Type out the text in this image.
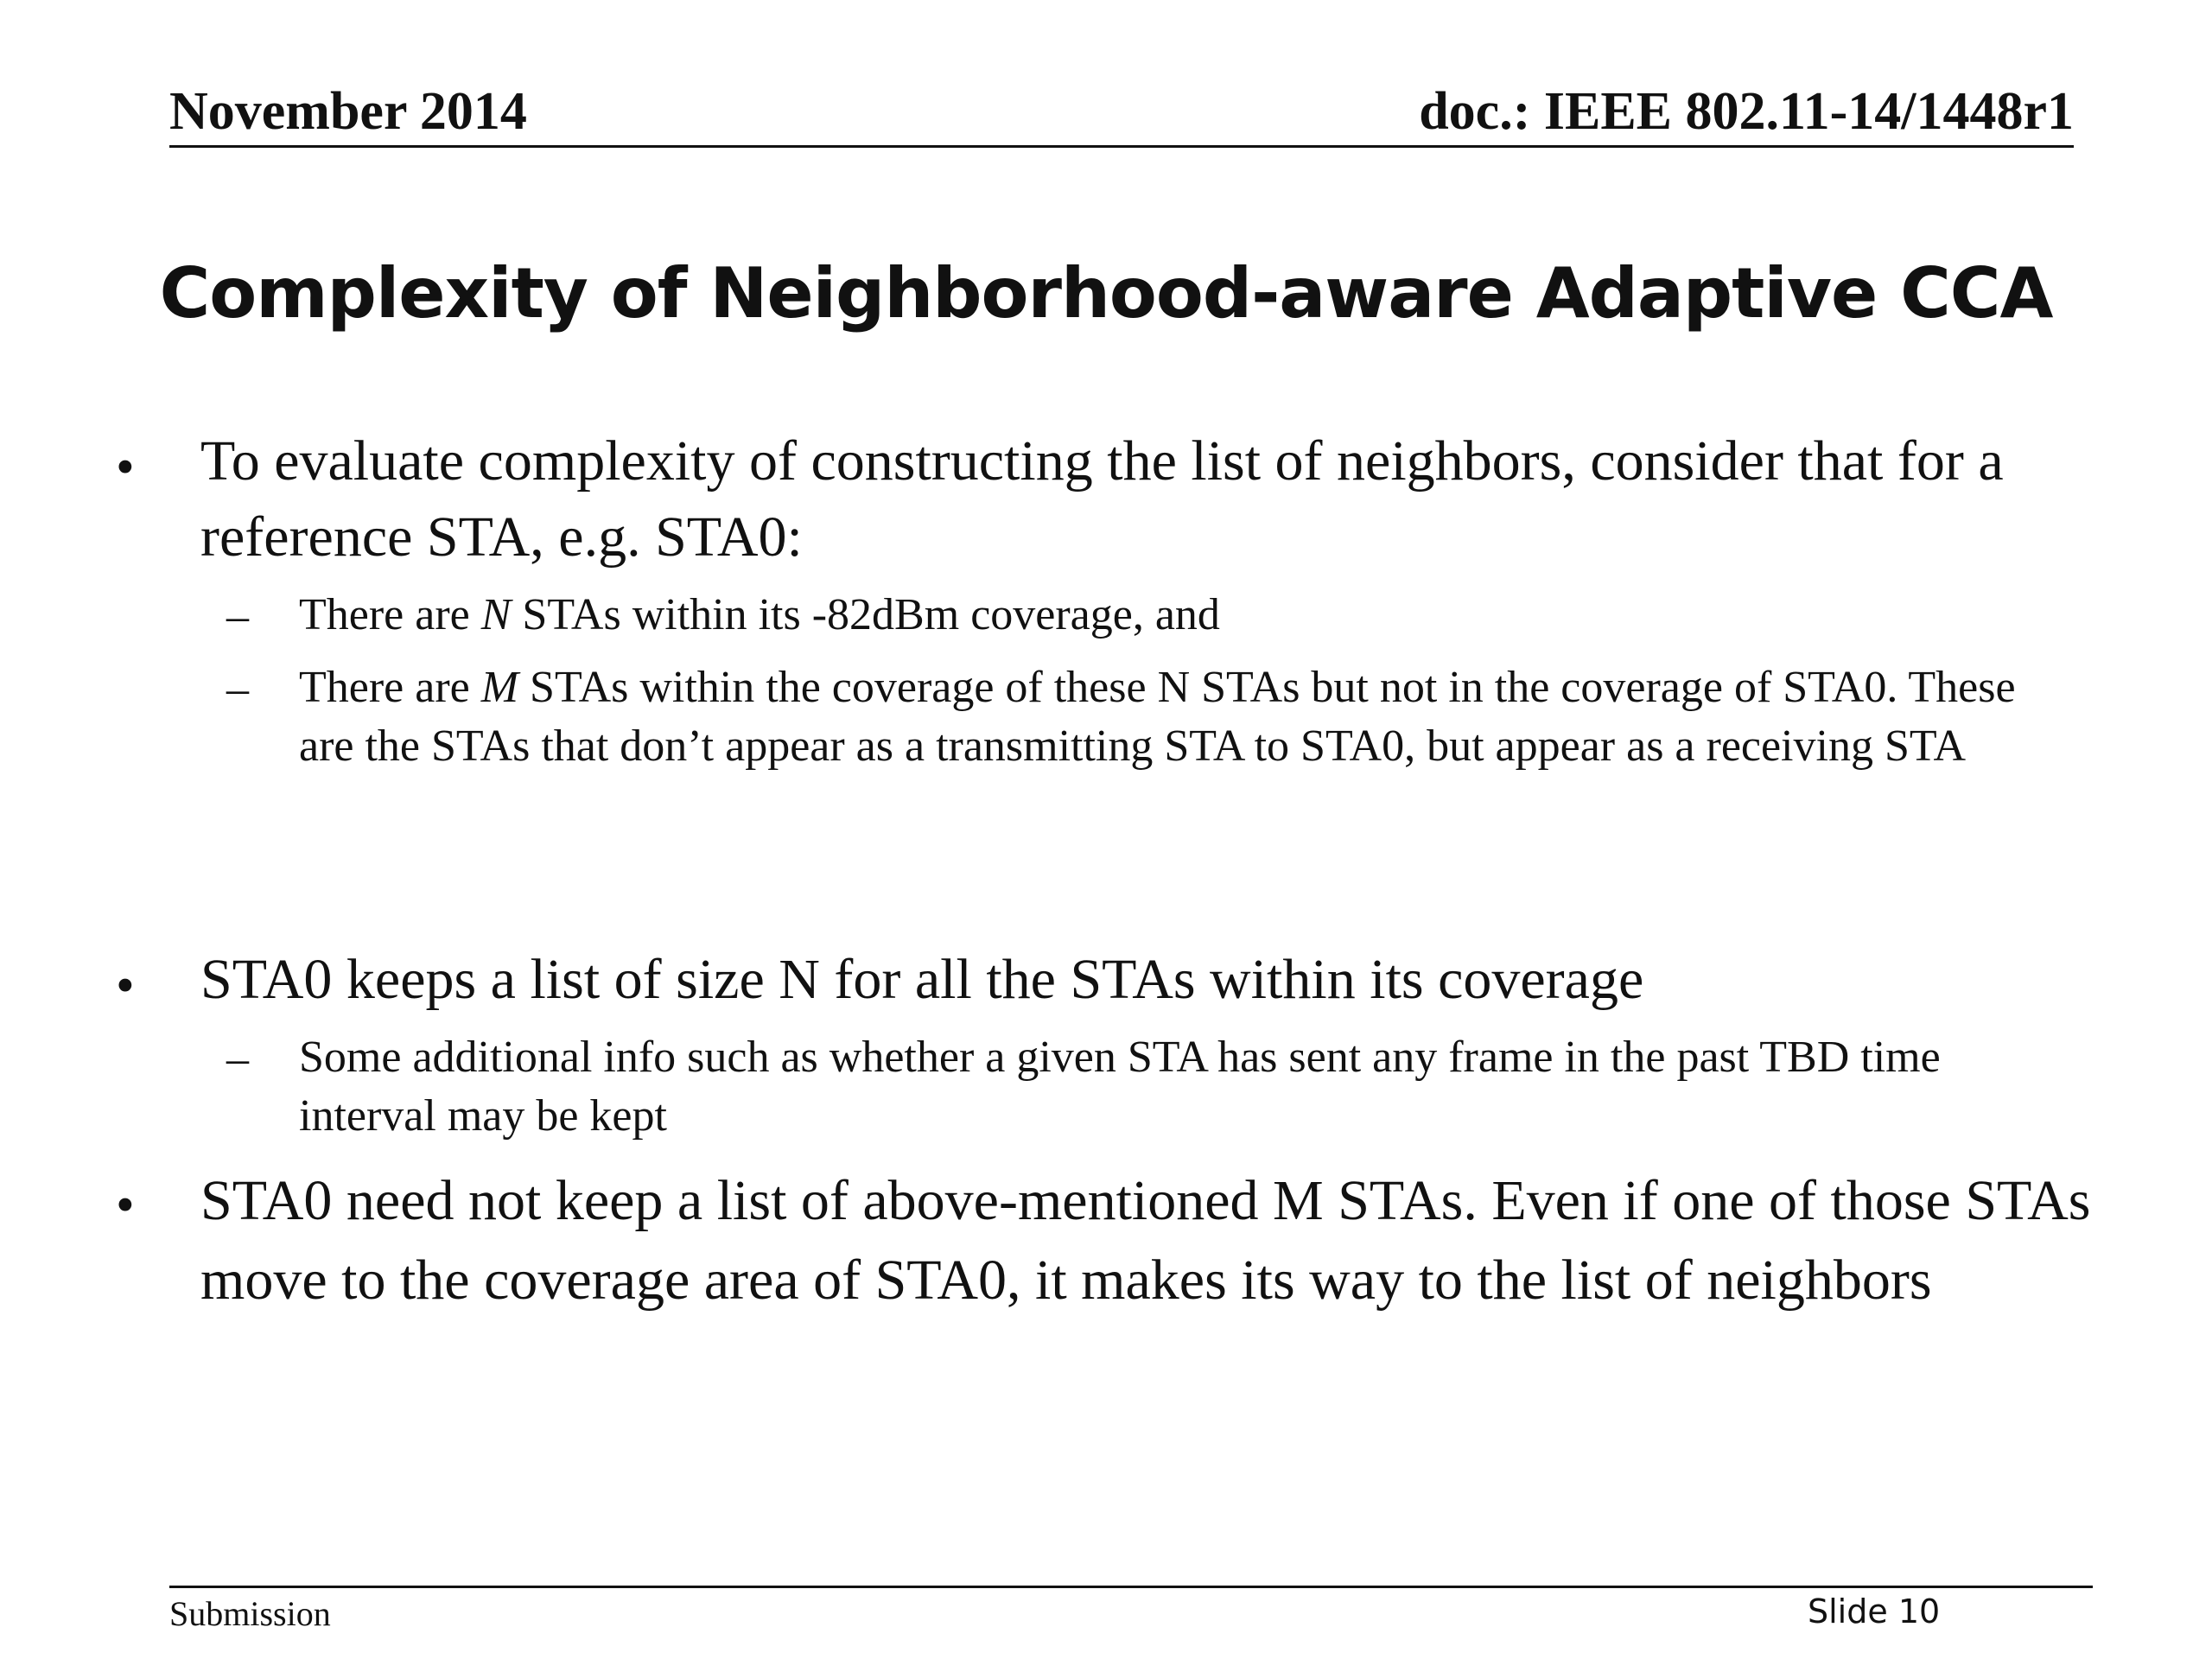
November 2014	doc.: IEEE 802.11-14/1448r1
Complexity of Neighborhood-aware Adaptive CCA
• To evaluate complexity of constructing the list of neighbors, consider that for a reference STA, e.g. STA0:
– There are N STAs within its -82dBm coverage, and
– There are M STAs within the coverage of these N STAs but not in the coverage of STA0. These are the STAs that don’t appear as a transmitting STA to STA0, but appear as a receiving STA
• STA0 keeps a list of size N for all the STAs within its coverage
– Some additional info such as whether a given STA has sent any frame in the past TBD time interval may be kept
• STA0 need not keep a list of above-mentioned M STAs. Even if one of those STAs move to the coverage area of STA0, it makes its way to the list of neighbors
Submission	Slide 10
